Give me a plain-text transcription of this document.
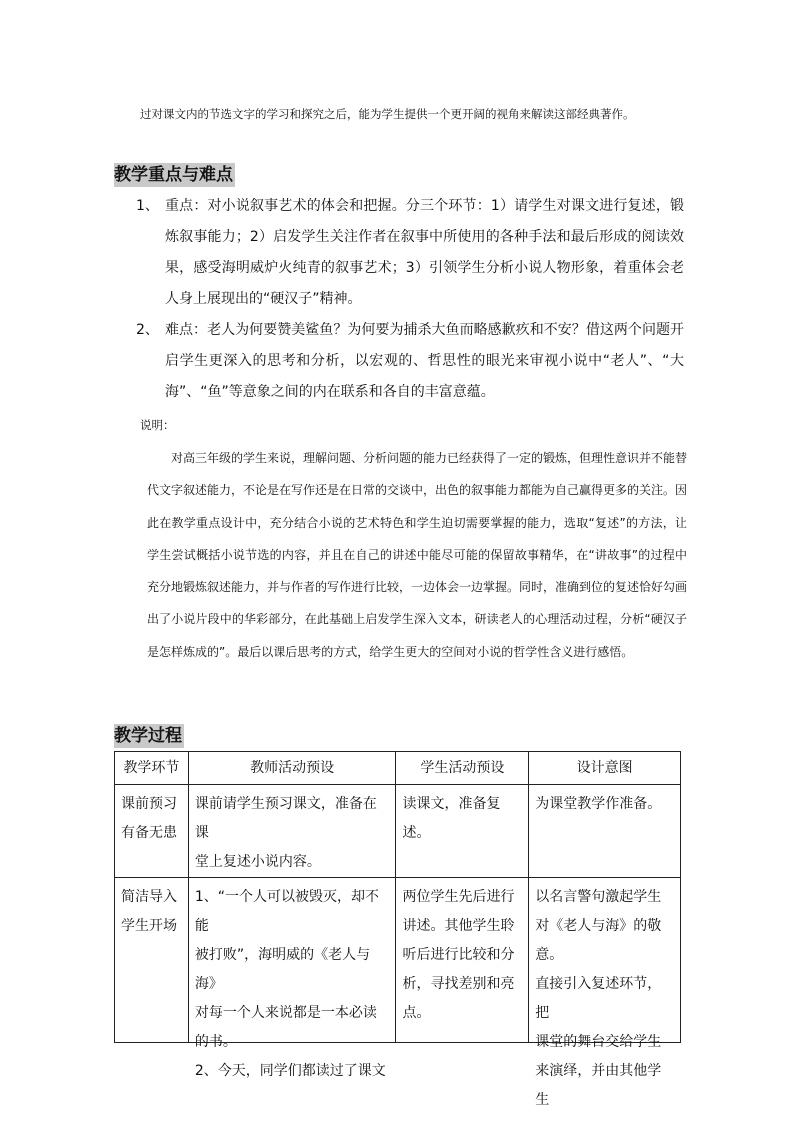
过对课文内的节选文字的学习和探究之后，能为学生提供一个更开阔的视角来解读这部经典著作。
教学重点与难点
1、 重点：对小说叙事艺术的体会和把握。分三个环节：1）请学生对课文进行复述，锻炼叙事能力；2）启发学生关注作者在叙事中所使用的各种手法和最后形成的阅读效果，感受海明威炉火纯青的叙事艺术；3）引领学生分析小说人物形象，着重体会老人身上展现出的“硬汉子”精神。
2、 难点：老人为何要赞美鲨鱼？为何要为捕杀大鱼而略感歉疚和不安？借这两个问题开启学生更深入的思考和分析，以宏观的、哲思性的眼光来审视小说中“老人”、“大海”、“鱼”等意象之间的内在联系和各自的丰富意蕴。
说明：
对高三年级的学生来说，理解问题、分析问题的能力已经获得了一定的锻炼，但理性意识并不能替代文字叙述能力，不论是在写作还是在日常的交谈中，出色的叙事能力都能为自己赢得更多的关注。因此在教学重点设计中，充分结合小说的艺术特色和学生迫切需要掌握的能力，选取“复述”的方法，让学生尝试概括小说节选的内容，并且在自己的讲述中能尽可能的保留故事精华，在“讲故事”的过程中充分地锻炼叙述能力，并与作者的写作进行比较，一边体会一边掌握。同时，准确到位的复述恰好勾画出了小说片段中的华彩部分，在此基础上启发学生深入文本，研读老人的心理活动过程，分析“硬汉子是怎样炼成的”。最后以课后思考的方式，给学生更大的空间对小说的哲学性含义进行感悟。
教学过程
教学环节	教师活动预设	学生活动预设	设计意图

课前预习
有备无患	课前请学生预习课文，准备在课
堂上复述小说内容。	读课文，准备复述。	为课堂教学作准备。

简洁导入
学生开场	1、“一个人可以被毁灭，却不能
被打败”，海明威的《老人与海》
对每一个人来说都是一本必读
的书。
2、今天，同学们都读过了课文	两位学生先后进行
讲述。其他学生聆
听后进行比较和分
析，寻找差别和亮
点。	以名言警句激起学生
对《老人与海》的敬意。
直接引入复述环节，把
课堂的舞台交给学生
来演绎，并由其他学生
